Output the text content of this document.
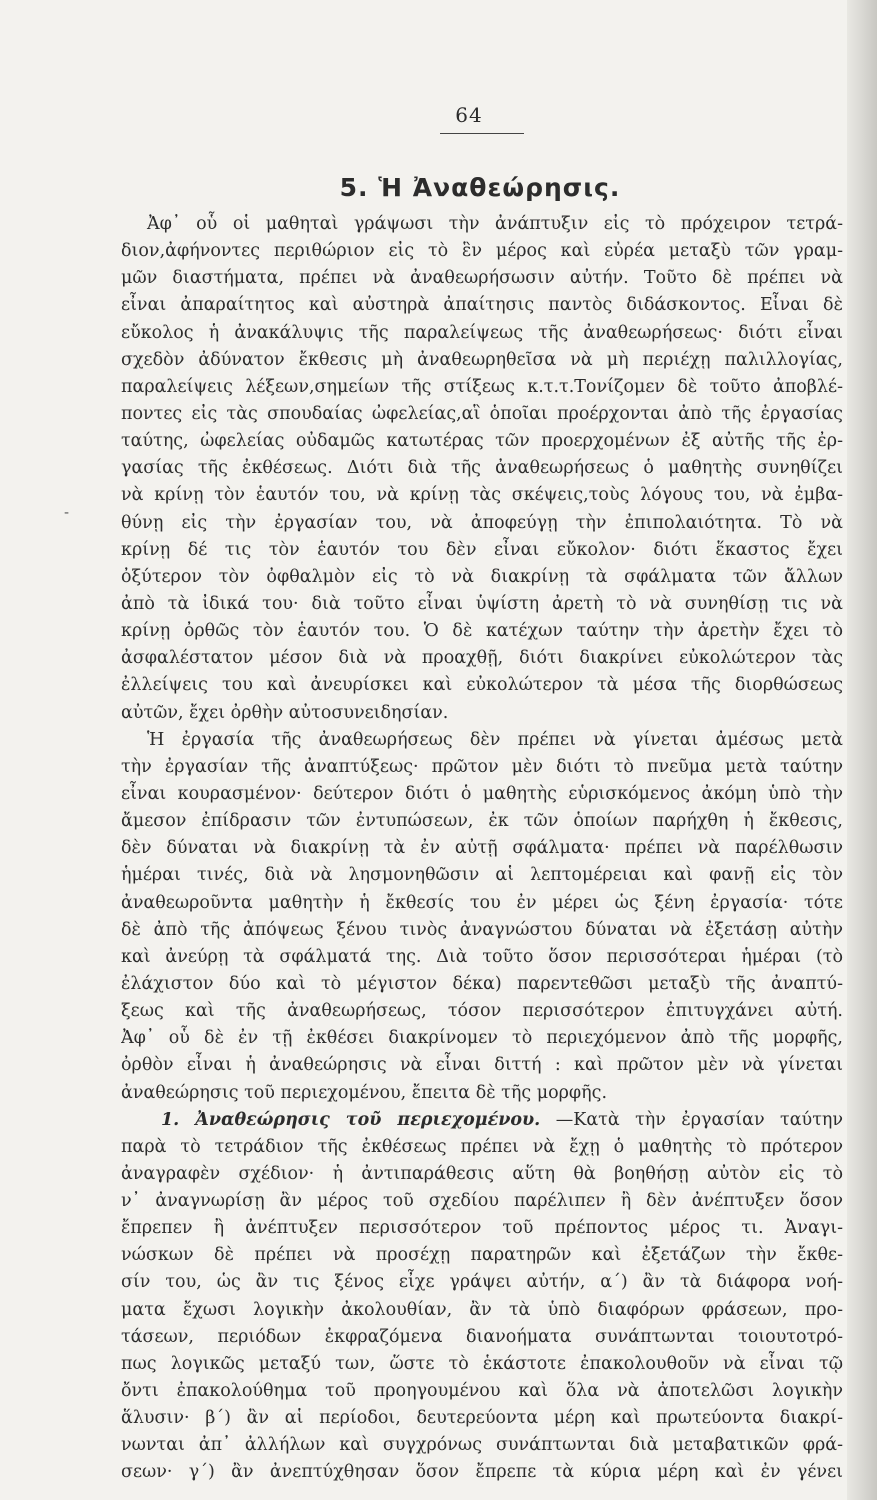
64
5. Ἡ Ἀναθεώρησις.
-
Ἀφ᾽ οὗ οἱ μαθηταὶ γράψωσι τὴν ἀνάπτυξιν εἰς τὸ πρόχειρον τετρά-
διον,ἀφήνοντες περιθώριον εἰς τὸ ἓν μέρος καὶ εὐρέα μεταξὺ τῶν γραμ-
μῶν διαστήματα, πρέπει νὰ ἀναθεωρήσωσιν αὐτήν. Τοῦτο δὲ πρέπει νὰ
εἶναι ἀπαραίτητος καὶ αὐστηρὰ ἀπαίτησις παντὸς διδάσκοντος. Εἶναι δὲ
εὔκολος ἡ ἀνακάλυψις τῆς παραλείψεως τῆς ἀναθεωρήσεως· διότι εἶναι
σχεδὸν ἀδύνατον ἔκθεσις μὴ ἀναθεωρηθεῖσα νὰ μὴ περιέχῃ παλιλλογίας,
παραλείψεις λέξεων,σημείων τῆς στίξεως κ.τ.τ.Τονίζομεν δὲ τοῦτο ἀποβλέ-
ποντες εἰς τὰς σπουδαίας ὠφελείας,αἳ ὁποῖαι προέρχονται ἀπὸ τῆς ἐργασίας
ταύτης, ὠφελείας οὐδαμῶς κατωτέρας τῶν προερχομένων ἐξ αὐτῆς τῆς ἐρ-
γασίας τῆς ἐκθέσεως. Διότι διὰ τῆς ἀναθεωρήσεως ὁ μαθητὴς συνηθίζει
νὰ κρίνῃ τὸν ἑαυτόν του, νὰ κρίνῃ τὰς σκέψεις,τοὺς λόγους του, νὰ ἐμβα-
θύνῃ εἰς τὴν ἐργασίαν του, νὰ ἀποφεύγῃ τὴν ἐπιπολαιότητα. Τὸ νὰ
κρίνῃ δέ τις τὸν ἑαυτόν του δὲν εἶναι εὔκολον· διότι ἕκαστος ἔχει
ὀξύτερον τὸν ὀφθαλμὸν εἰς τὸ νὰ διακρίνῃ τὰ σφάλματα τῶν ἄλλων
ἀπὸ τὰ ἰδικά του· διὰ τοῦτο εἶναι ὑψίστη ἀρετὴ τὸ νὰ συνηθίσῃ τις νὰ
κρίνῃ ὀρθῶς τὸν ἑαυτόν του. Ὁ δὲ κατέχων ταύτην τὴν ἀρετὴν ἔχει τὸ
ἀσφαλέστατον μέσον διὰ νὰ προαχθῇ, διότι διακρίνει εὐκολώτερον τὰς
ἐλλείψεις του καὶ ἀνευρίσκει καὶ εὐκολώτερον τὰ μέσα τῆς διορθώσεως
αὐτῶν, ἔχει ὀρθὴν αὐτοσυνειδησίαν.
Ἡ ἐργασία τῆς ἀναθεωρήσεως δὲν πρέπει νὰ γίνεται ἀμέσως μετὰ
τὴν ἐργασίαν τῆς ἀναπτύξεως· πρῶτον μὲν διότι τὸ πνεῦμα μετὰ ταύτην
εἶναι κουρασμένον· δεύτερον διότι ὁ μαθητὴς εὑρισκόμενος ἀκόμη ὑπὸ τὴν
ἄμεσον ἐπίδρασιν τῶν ἐντυπώσεων, ἐκ τῶν ὁποίων παρήχθη ἡ ἔκθεσις,
δὲν δύναται νὰ διακρίνῃ τὰ ἐν αὐτῇ σφάλματα· πρέπει νὰ παρέλθωσιν
ἡμέραι τινές, διὰ νὰ λησμονηθῶσιν αἱ λεπτομέρειαι καὶ φανῇ εἰς τὸν
ἀναθεωροῦντα μαθητὴν ἡ ἔκθεσίς του ἐν μέρει ὡς ξένη ἐργασία· τότε
δὲ ἀπὸ τῆς ἀπόψεως ξένου τινὸς ἀναγνώστου δύναται νὰ ἐξετάσῃ αὐτὴν
καὶ ἀνεύρῃ τὰ σφάλματά της. Διὰ τοῦτο ὅσον περισσότεραι ἡμέραι (τὸ
ἐλάχιστον δύο καὶ τὸ μέγιστον δέκα) παρεντεθῶσι μεταξὺ τῆς ἀναπτύ-
ξεως καὶ τῆς ἀναθεωρήσεως, τόσον περισσότερον ἐπιτυγχάνει αὐτή.
Ἀφ᾽ οὗ δὲ ἐν τῇ ἐκθέσει διακρίνομεν τὸ περιεχόμενον ἀπὸ τῆς μορφῆς,
ὀρθὸν εἶναι ἡ ἀναθεώρησις νὰ εἶναι διττή : καὶ πρῶτον μὲν νὰ γίνεται
ἀναθεώρησις τοῦ περιεχομένου, ἔπειτα δὲ τῆς μορφῆς.
1. Ἀναθεώρησις τοῦ περιεχομένου. —Κατὰ τὴν ἐργασίαν ταύτην
παρὰ τὸ τετράδιον τῆς ἐκθέσεως πρέπει νὰ ἔχῃ ὁ μαθητὴς τὸ πρότερον
ἀναγραφὲν σχέδιον· ἡ ἀντιπαράθεσις αὕτη θὰ βοηθήσῃ αὐτὸν εἰς τὸ
ν᾽ ἀναγνωρίσῃ ἂν μέρος τοῦ σχεδίου παρέλιπεν ἢ δὲν ἀνέπτυξεν ὅσον
ἔπρεπεν ἢ ἀνέπτυξεν περισσότερον τοῦ πρέποντος μέρος τι. Ἀναγι-
νώσκων δὲ πρέπει νὰ προσέχῃ παρατηρῶν καὶ ἐξετάζων τὴν ἔκθε-
σίν του, ὡς ἂν τις ξένος εἶχε γράψει αὐτήν, α´) ἂν τὰ διάφορα νοή-
ματα ἔχωσι λογικὴν ἀκολουθίαν, ἂν τὰ ὑπὸ διαφόρων φράσεων, προ-
τάσεων, περιόδων ἐκφραζόμενα διανοήματα συνάπτωνται τοιουτοτρό-
πως λογικῶς μεταξύ των, ὥστε τὸ ἑκάστοτε ἐπακολουθοῦν νὰ εἶναι τῷ
ὄντι ἐπακολούθημα τοῦ προηγουμένου καὶ ὅλα νὰ ἀποτελῶσι λογικὴν
ἅλυσιν· β´) ἂν αἱ περίοδοι, δευτερεύοντα μέρη καὶ πρωτεύοντα διακρί-
νωνται ἀπ᾽ ἀλλήλων καὶ συγχρόνως συνάπτωνται διὰ μεταβατικῶν φρά-
σεων· γ´) ἂν ἀνεπτύχθησαν ὅσον ἔπρεπε τὰ κύρια μέρη καὶ ἐν γένει
